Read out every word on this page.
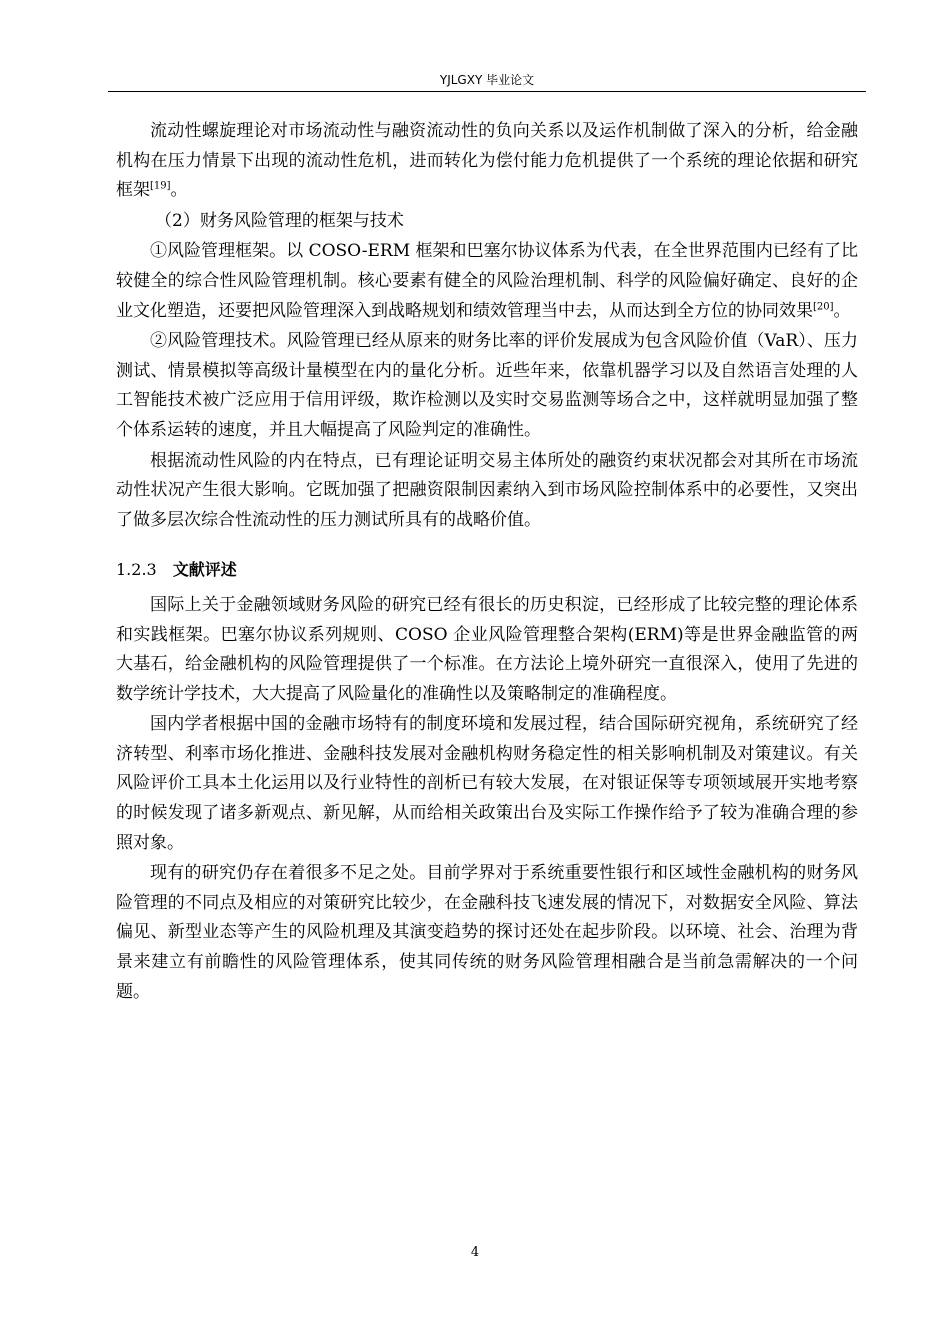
YJLGXY 毕业论文

流动性螺旋理论对市场流动性与融资流动性的负向关系以及运作机制做了深入的分析，给金融机构在压力情景下出现的流动性危机，进而转化为偿付能力危机提供了一个系统的理论依据和研究框架[19]。

（2）财务风险管理的框架与技术

①风险管理框架。以 COSO-ERM 框架和巴塞尔协议体系为代表，在全世界范围内已经有了比较健全的综合性风险管理机制。核心要素有健全的风险治理机制、科学的风险偏好确定、良好的企业文化塑造，还要把风险管理深入到战略规划和绩效管理当中去，从而达到全方位的协同效果[20]。

②风险管理技术。风险管理已经从原来的财务比率的评价发展成为包含风险价值（VaR）、压力测试、情景模拟等高级计量模型在内的量化分析。近些年来，依靠机器学习以及自然语言处理的人工智能技术被广泛应用于信用评级，欺诈检测以及实时交易监测等场合之中，这样就明显加强了整个体系运转的速度，并且大幅提高了风险判定的准确性。

根据流动性风险的内在特点，已有理论证明交易主体所处的融资约束状况都会对其所在市场流动性状况产生很大影响。它既加强了把融资限制因素纳入到市场风险控制体系中的必要性，又突出了做多层次综合性流动性的压力测试所具有的战略价值。

1.2.3 文献评述

国际上关于金融领域财务风险的研究已经有很长的历史积淀，已经形成了比较完整的理论体系和实践框架。巴塞尔协议系列规则、COSO 企业风险管理整合架构(ERM)等是世界金融监管的两大基石，给金融机构的风险管理提供了一个标准。在方法论上境外研究一直很深入，使用了先进的数学统计学技术，大大提高了风险量化的准确性以及策略制定的准确程度。

国内学者根据中国的金融市场特有的制度环境和发展过程，结合国际研究视角，系统研究了经济转型、利率市场化推进、金融科技发展对金融机构财务稳定性的相关影响机制及对策建议。有关风险评价工具本土化运用以及行业特性的剖析已有较大发展，在对银证保等专项领域展开实地考察的时候发现了诸多新观点、新见解，从而给相关政策出台及实际工作操作给予了较为准确合理的参照对象。

现有的研究仍存在着很多不足之处。目前学界对于系统重要性银行和区域性金融机构的财务风险管理的不同点及相应的对策研究比较少，在金融科技飞速发展的情况下，对数据安全风险、算法偏见、新型业态等产生的风险机理及其演变趋势的探讨还处在起步阶段。以环境、社会、治理为背景来建立有前瞻性的风险管理体系，使其同传统的财务风险管理相融合是当前急需解决的一个问题。

4
